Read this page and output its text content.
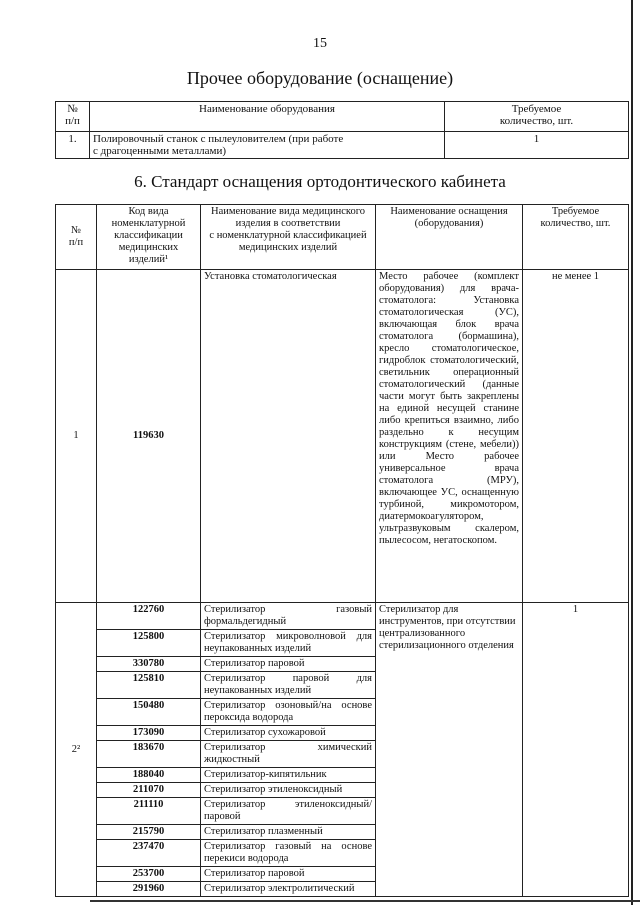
15
Прочее оборудование (оснащение)
№
п/п	Наименование оборудования	Требуемое
количество, шт.
1.	Полировочный станок с пылеуловителем (при работе
с драгоценными металлами)	1
6. Стандарт оснащения ортодонтического кабинета
№
п/п	Код вида
номенклатурной
классификации
медицинских
изделий¹	Наименование вида медицинского
изделия в соответствии
с номенклатурной классификацией
медицинских изделий	Наименование оснащения
(оборудования)	Требуемое
количество, шт.
1	119630	Установка стоматологическая	Место рабочее (комплект оборудования) для врача-стоматолога: Установка стоматологическая (УС), включающая блок врача стоматолога (бормашина), кресло стоматологическое, гидроблок стоматологический, светильник операционный стоматологический (данные части могут быть закреплены на единой несущей станине либо крепиться взаимно, либо раздельно к несущим конструкциям (стене, мебели)) или Место рабочее универсальное врача стоматолога (МРУ), включающее УС, оснащенную турбиной, микромотором, диатермокоагулятором, ультразвуковым скалером, пылесосом, негатоскопом.	не менее 1
2²	122760	Стерилизатор газовый формальдегидный	Стерилизатор для инструментов, при отсутствии централизованного стерилизационного отделения	1
	125800	Стерилизатор микроволновой для неупакованных изделий		
	330780	Стерилизатор паровой		
	125810	Стерилизатор паровой для неупакованных изделий		
	150480	Стерилизатор озоновый/на основе пероксида водорода		
	173090	Стерилизатор сухожаровой		
	183670	Стерилизатор химический жидкостный		
	188040	Стерилизатор-кипятильник		
	211070	Стерилизатор этиленоксидный		
	211110	Стерилизатор этиленоксидный/паровой		
	215790	Стерилизатор плазменный		
	237470	Стерилизатор газовый на основе перекиси водорода		
	253700	Стерилизатор паровой		
	291960	Стерилизатор электролитический		
